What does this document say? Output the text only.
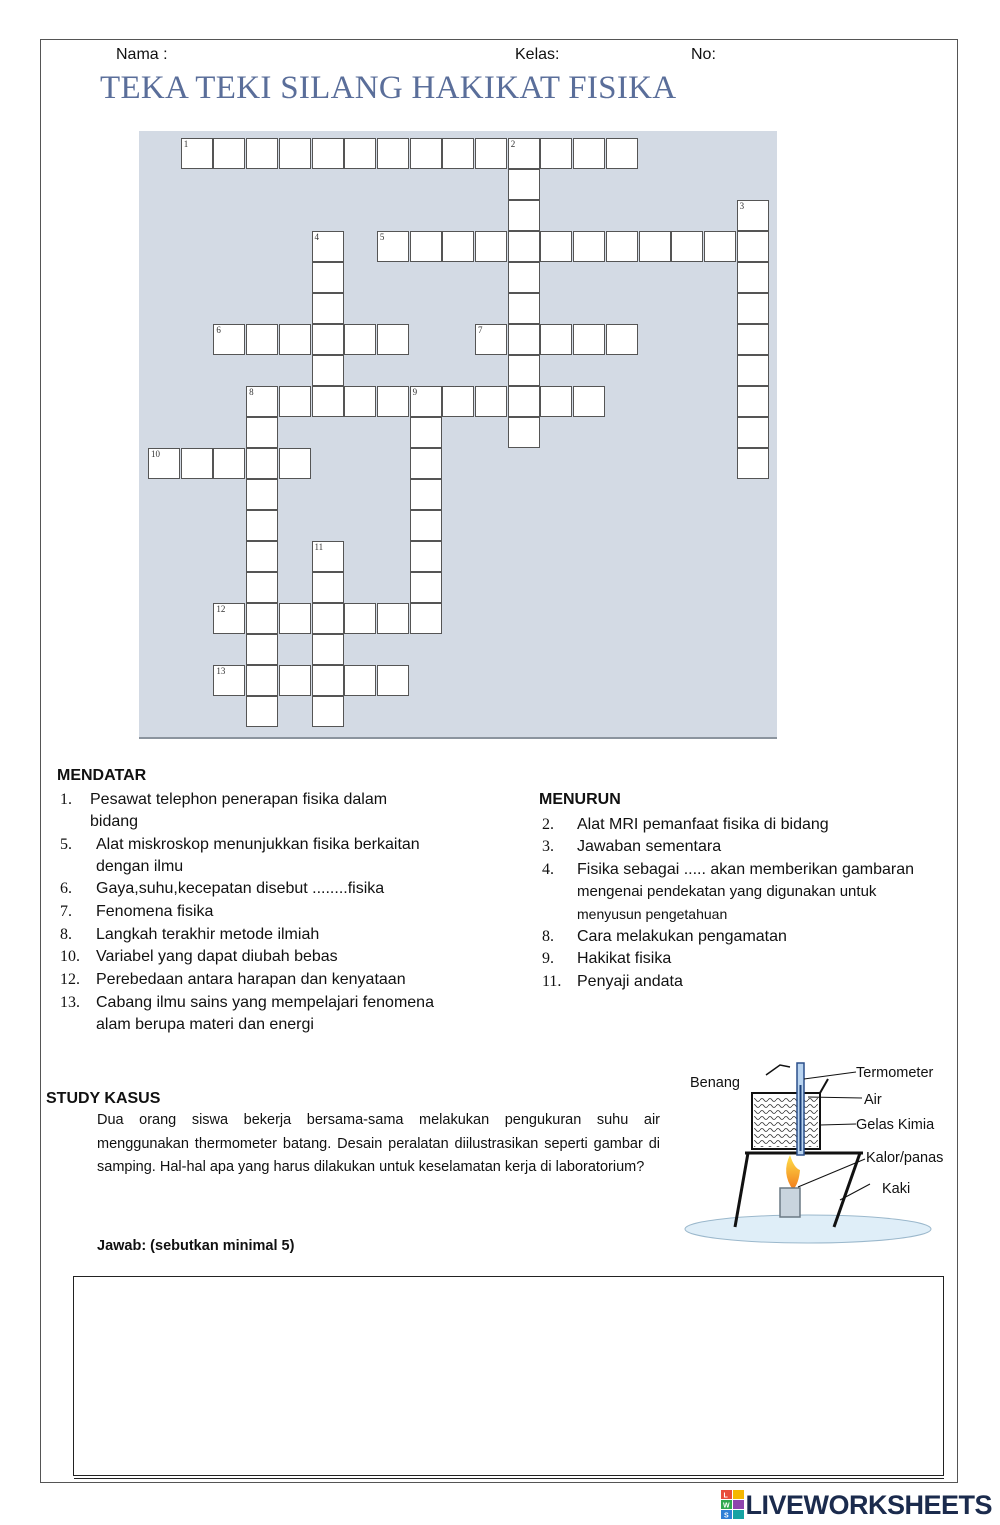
Nama :	Kelas:	No:
TEKA TEKI SILANG HAKIKAT FISIKA
1	2
3
4	5
6	7
8	9
10
11
12
13
MENDATAR
1.	Pesawat telephon penerapan fisika dalam
bidang
5.	Alat miskroskop menunjukkan fisika berkaitan
dengan ilmu
6.	Gaya,suhu,kecepatan disebut ........fisika
7.	Fenomena fisika
8.	Langkah terakhir metode ilmiah
10.	Variabel yang dapat diubah bebas
12.	Perebedaan antara harapan dan kenyataan
13.	Cabang ilmu sains yang mempelajari fenomena
alam berupa materi dan energi
MENURUN
2.	Alat MRI pemanfaat fisika di bidang
3.	Jawaban sementara
4.	Fisika sebagai ..... akan memberikan gambaran
mengenai pendekatan yang digunakan untuk
menyusun pengetahuan
8.	Cara melakukan pengamatan
9.	Hakikat fisika
11. Penyaji andata
STUDY KASUS
Dua orang siswa bekerja bersama-sama melakukan pengukuran suhu air menggunakan thermometer batang. Desain peralatan diilustrasikan seperti gambar di samping. Hal-hal apa yang harus dilakukan untuk keselamatan kerja di laboratorium?
Jawab: (sebutkan minimal 5)
Benang
Termometer
Air
Gelas Kimia
Kalor/panas
Kaki
L
W
S LIVEWORKSHEETS
